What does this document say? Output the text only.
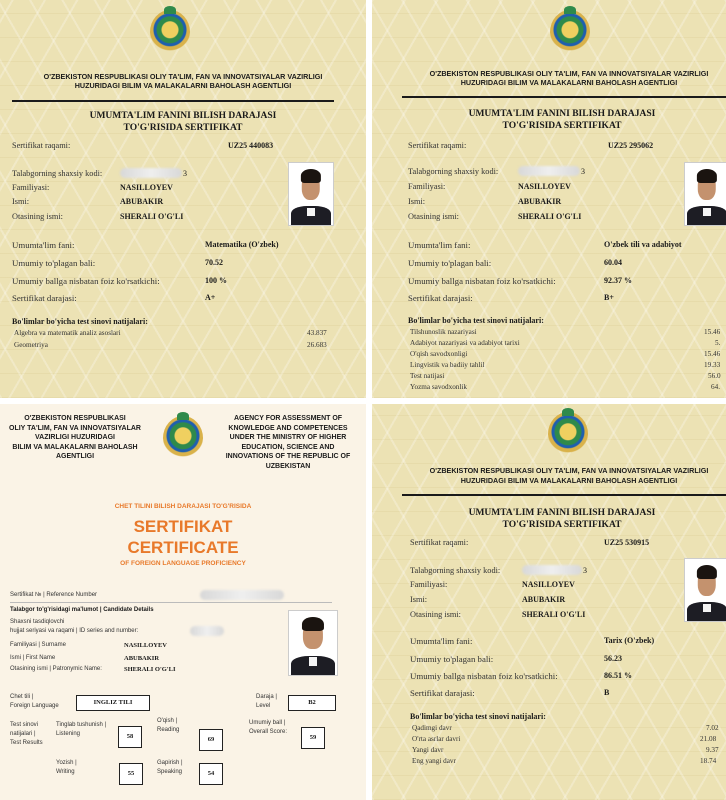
O'ZBEKISTON RESPUBLIKASI OLIY TA'LIM, FAN VA INNOVATSIYALAR VAZIRLIGI
HUZURIDAGI BILIM VA MALAKALARNI BAHOLASH AGENTLIGI
UMUMTA'LIM FANINI BILISH DARAJASI
TO'G'RISIDA SERTIFIKAT
Sertifikat raqami:	UZ25 440083
Talabgorning shaxsiy kodi:	3
Familiyasi:	NASILLOYEV
Ismi:	ABUBAKIR
Otasining ismi:	SHERALI O'G'LI
Umumta'lim fani:	Matematika (O'zbek)
Umumiy to'plagan bali:	70.52
Umumiy ballga nisbatan foiz ko'rsatkichi:	100 %
Sertifikat darajasi:	A+
Bo'limlar bo'yicha test sinovi natijalari:
Algebra va matematik analiz asoslari	43.837
Geometriya	26.683
O'ZBEKISTON RESPUBLIKASI OLIY TA'LIM, FAN VA INNOVATSIYALAR VAZIRLIGI
HUZURIDAGI BILIM VA MALAKALARNI BAHOLASH AGENTLIGI
UMUMTA'LIM FANINI BILISH DARAJASI
TO'G'RISIDA SERTIFIKAT
Sertifikat raqami:	UZ25 295062
Talabgorning shaxsiy kodi:	3
Familiyasi:	NASILLOYEV
Ismi:	ABUBAKIR
Otasining ismi:	SHERALI O'G'LI
Umumta'lim fani:	O'zbek tili va adabiyot
Umumiy to'plagan bali:	60.04
Umumiy ballga nisbatan foiz ko'rsatkichi:	92.37 %
Sertifikat darajasi:	B+
Bo'limlar bo'yicha test sinovi natijalari:
Tilshunoslik nazariyasi	15.46
Adabiyot nazariyasi va adabiyot tarixi	5.
O'qish savodxonligi	15.46
Lingvistik va badiiy tahlil	19.33
Test natijasi	56.0
Yozma savodxonlik	64.
O'ZBEKISTON RESPUBLIKASI
OLIY TA'LIM, FAN VA INNOVATSIYALAR
VAZIRLIGI HUZURIDAGI
BILIM VA MALAKALARNI BAHOLASH
AGENTLIGI
AGENCY FOR ASSESSMENT OF
KNOWLEDGE AND COMPETENCES
UNDER THE MINISTRY OF HIGHER
EDUCATION, SCIENCE AND
INNOVATIONS OF THE REPUBLIC OF
UZBEKISTAN
CHET TILINI BILISH DARAJASI TO'G'RISIDA
SERTIFIKAT
CERTIFICATE
OF FOREIGN LANGUAGE PROFICIENCY
Sertifikat № | Reference Number
Talabgor to'g'risidagi ma'lumot | Candidate Details
Shaxsni tasdiqlovchi
hujjat seriyasi va raqami | ID series and number:
Familiyasi | Surname	NASILLOYEV
Ismi | First Name	ABUBAKIR
Otasining ismi | Patronymic Name:	SHERALI O'G'LI
Chet tili |
Foreign Language	INGLIZ TILI
Daraja |
Level	B2
Test sinovi
natijalari |
Test Results
Tinglab tushunish |
Listening	58
O'qish |
Reading
69
Umumiy ball |
Overall Score:
59
Yozish |
Writing	55
Gapirish |
Speaking	54
O'ZBEKISTON RESPUBLIKASI OLIY TA'LIM, FAN VA INNOVATSIYALAR VAZIRLIGI
HUZURIDAGI BILIM VA MALAKALARNI BAHOLASH AGENTLIGI
UMUMTA'LIM FANINI BILISH DARAJASI
TO'G'RISIDA SERTIFIKAT
Sertifikat raqami:	UZ25 530915
Talabgorning shaxsiy kodi:	3
Familiyasi:	NASILLOYEV
Ismi:	ABUBAKIR
Otasining ismi:	SHERALI O'G'LI
Umumta'lim fani:	Tarix (O'zbek)
Umumiy to'plagan bali:	56.23
Umumiy ballga nisbatan foiz ko'rsatkichi:	86.51 %
Sertifikat darajasi:	B
Bo'limlar bo'yicha test sinovi natijalari:
Qadimgi davr	7.02
O'rta asrlar davri	21.08
Yangi davr	9.37
Eng yangi davr	18.74
